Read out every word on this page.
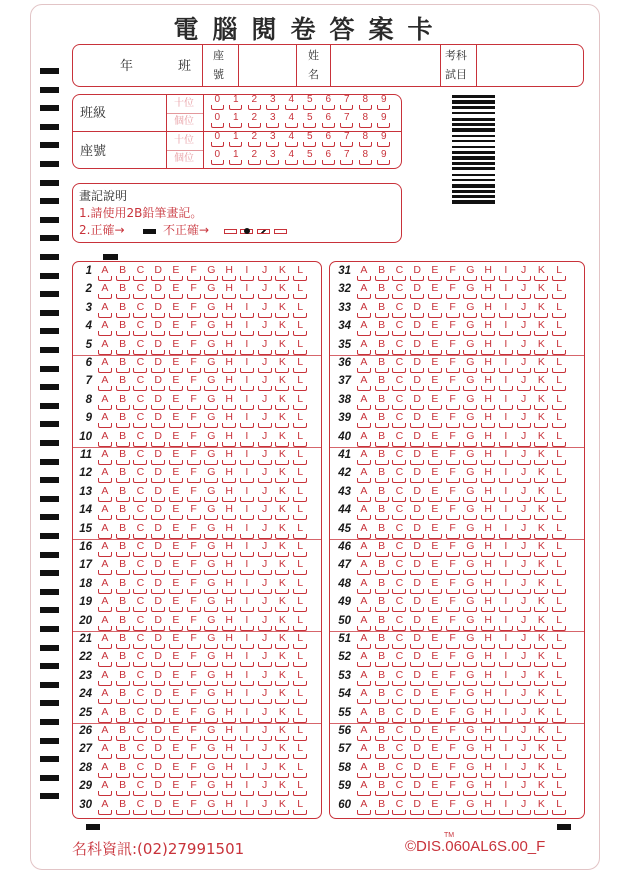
電腦閱卷答案卡
年	班
座
號
姓
名
考科
試目
班級
座號
十位
個位
十位
個位
0	1	2	3	4	5	6	7	8	9
0	1	2	3	4	5	6	7	8	9
0	1	2	3	4	5	6	7	8	9
0	1	2	3	4	5	6	7	8	9
畫記說明
1.請使用2B鉛筆畫記。
2.正確→	不正確→
1 A	B C D E	F G H	I	J	K	L
2 A	B C D E	F G H	I	J	K	L
3 A	B C D E	F G H	I	J	K	L
4 A	B C D E	F G H	I	J	K	L
5 A	B C D E	F G H	I	J	K	L
6 A	B C D E	F G H	I	J	K	L
7 A	B C D E	F G H	I	J	K	L
8 A	B C D E	F G H	I	J	K	L
9 A	B C D E	F G H	I	J	K	L
10 A	B C D E	F G H	I	J	K	L
11 A	B C D E	F G H	I	J	K	L
12 A	B C D E	F G H	I	J	K	L
13 A	B C D E	F G H	I	J	K	L
14 A	B C D E	F G H	I	J	K	L
15 A	B C D E	F G H	I	J	K	L
16 A	B C D E	F G H	I	J	K	L
17 A	B C D E	F G H	I	J	K	L
18 A	B C D E	F G H	I	J	K	L
19 A	B C D E	F G H	I	J	K	L
20 A	B C D E	F G H	I	J	K	L
21 A	B C D E	F G H	I	J	K	L
22 A	B C D E	F G H	I	J	K	L
23 A	B C D E	F G H	I	J	K	L
24 A	B C D E	F G H	I	J	K	L
25 A	B C D E	F G H	I	J	K	L
26 A	B C D E	F G H	I	J	K	L
27 A	B C D E	F G H	I	J	K	L
28 A	B C D E	F G H	I	J	K	L
29 A	B C D E	F G H	I	J	K	L
30 A	B C D E	F G H	I	J	K	L
31 A	B C D E	F G H	I	J	K	L
32 A	B C D E	F G H	I	J	K	L
33 A	B C D E	F G H	I	J	K	L
34 A	B C D E	F G H	I	J	K	L
35 A	B C D E	F G H	I	J	K	L
36 A	B C D E	F G H	I	J	K	L
37 A	B C D E	F G H	I	J	K	L
38 A	B C D E	F G H	I	J	K	L
39 A	B C D E	F G H	I	J	K	L
40 A	B C D E	F G H	I	J	K	L
41 A	B C D E	F G H	I	J	K	L
42 A	B C D E	F G H	I	J	K	L
43 A	B C D E	F G H	I	J	K	L
44 A	B C D E	F G H	I	J	K	L
45 A	B C D E	F G H	I	J	K	L
46 A	B C D E	F G H	I	J	K	L
47 A	B C D E	F G H	I	J	K	L
48 A	B C D E	F G H	I	J	K	L
49 A	B C D E	F G H	I	J	K	L
50 A	B C D E	F G H	I	J	K	L
51 A	B C D E	F G H	I	J	K	L
52 A	B C D E	F G H	I	J	K	L
53 A	B C D E	F G H	I	J	K	L
54 A	B C D E	F G H	I	J	K	L
55 A	B C D E	F G H	I	J	K	L
56 A	B C D E	F G H	I	J	K	L
57 A	B C D E	F G H	I	J	K	L
58 A	B C D E	F G H	I	J	K	L
59 A	B C D E	F G H	I	J	K	L
60 A	B C D E	F G H	I	J	K	L
名科資訊:(02)27991501
TM
©DIS.060AL6S.00_F
